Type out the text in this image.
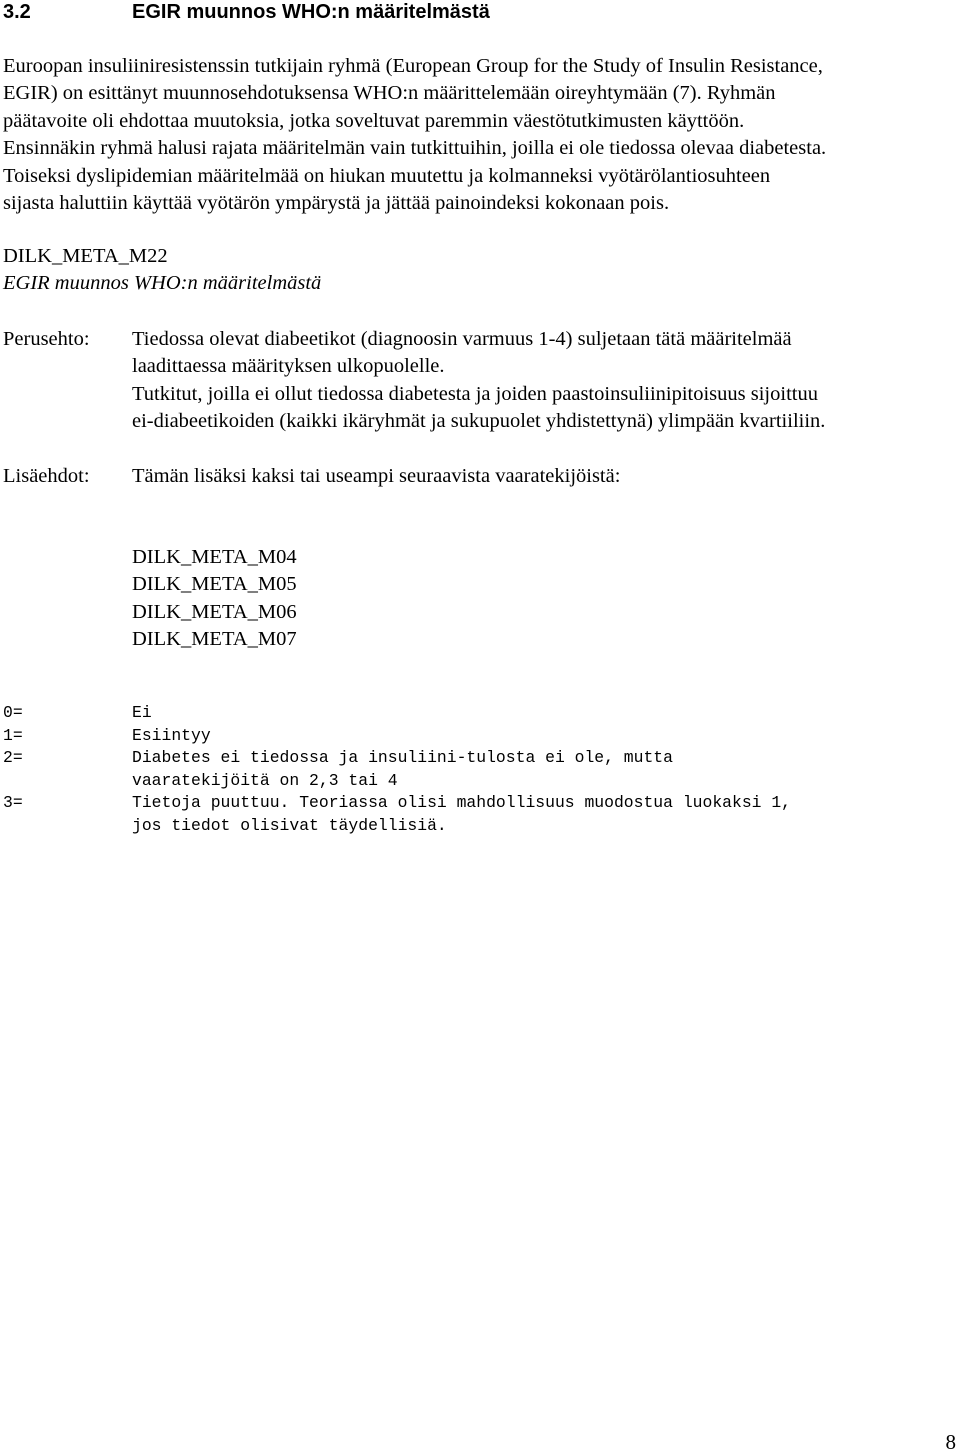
3.2	EGIR muunnos WHO:n määritelmästä

Euroopan insuliiniresistenssin tutkijain ryhmä (European Group for the Study of Insulin Resistance,

EGIR) on esittänyt muunnosehdotuksensa WHO:n määrittelemään oireyhtymään (7). Ryhmän

päätavoite oli ehdottaa muutoksia, jotka soveltuvat paremmin väestötutkimusten käyttöön.

Ensinnäkin ryhmä halusi rajata määritelmän vain tutkittuihin, joilla ei ole tiedossa olevaa diabetesta.

Toiseksi dyslipidemian määritelmää on hiukan muutettu ja kolmanneksi vyötärölantiosuhteen

sijasta haluttiin käyttää vyötärön ympärystä ja jättää painoindeksi kokonaan pois.

DILK_META_M22
EGIR muunnos WHO:n määritelmästä
Perusehto: Tiedossa olevat diabeetikot (diagnoosin varmuus 1-4) suljetaan tätä määritelmää

laadittaessa määrityksen ulkopuolelle.

Tutkitut, joilla ei ollut tiedossa diabetesta ja joiden paastoinsuliinipitoisuus sijoittuu

ei-diabeetikoiden (kaikki ikäryhmät ja sukupuolet yhdistettynä) ylimpään kvartiiliin.

Lisäehdot: Tämän lisäksi kaksi tai useampi seuraavista vaaratekijöistä:
DILK_META_M04
DILK_META_M05
DILK_META_M06
DILK_META_M07
0=	Ei
1=	Esiintyy
2=	Diabetes ei tiedossa ja insuliini-tulosta ei ole, mutta
vaaratekijöitä on 2,3 tai 4
3=	Tietoja puuttuu. Teoriassa olisi mahdollisuus muodostua luokaksi 1,
jos tiedot olisivat täydellisiä.
8
